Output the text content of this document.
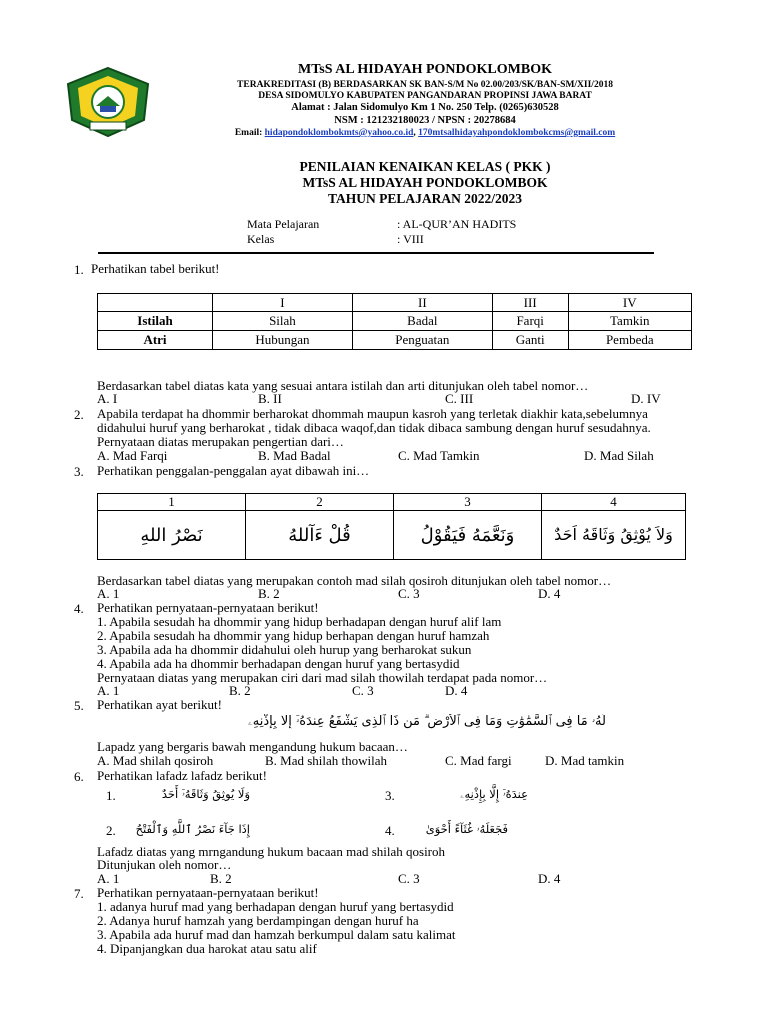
MTsS AL HIDAYAH PONDOKLOMBOK
TERAKREDITASI (B) BERDASARKAN SK BAN-S/M No 02.00/203/SK/BAN-SM/XII/2018
DESA SIDOMULYO KABUPATEN PANGANDARAN PROPINSI JAWA BARAT
Alamat : Jalan Sidomulyo Km 1 No. 250 Telp. (0265)630528
NSM : 121232180023 / NPSN : 20278684
Email: hidapondoklombokmts@yahoo.co.id, 170mtsalhidayahpondoklombokcms@gmail.com
PENILAIAN KENAIKAN KELAS ( PKK )
MTsS AL HIDAYAH PONDOKLOMBOK
TAHUN PELAJARAN 2022/2023
Mata Pelajaran	: AL-QUR’AN HADITS
Kelas	: VIII
1. Perhatikan tabel berikut!
	I	II	III	IV
Istilah	Silah	Badal	Farqi	Tamkin
Atri	Hubungan	Penguatan	Ganti	Pembeda
Berdasarkan tabel diatas kata yang sesuai antara istilah dan arti ditunjukan oleh tabel nomor…
A. I	B. II	C. III	D. IV
2. Apabila terdapat ha dhommir berharokat dhommah maupun kasroh yang terletak diakhir kata,sebelumnya
didahului huruf yang berharokat , tidak dibaca waqof,dan tidak dibaca sambung dengan huruf sesudahnya.
Pernyataan diatas merupakan pengertian dari…
A. Mad Farqi	B. Mad Badal	C. Mad Tamkin	D. Mad Silah
3. Perhatikan penggalan-penggalan ayat dibawah ini…
1	2	3	4
نَصْرُ اللهِ	قُلْ ءَآللهُ	وَنَعَّمَهُ فَيَقُوْلُ	وَلاَ يُوْثِقُ وَثَاقَهُ اَحَدٌ
Berdasarkan tabel diatas yang merupakan contoh mad silah qosiroh ditunjukan oleh tabel nomor…
A. 1	B. 2	C. 3	D. 4
4. Perhatikan pernyataan-pernyataan berikut!
1. Apabila sesudah ha dhommir yang hidup berhadapan dengan huruf alif lam
2. Apabila sesudah ha dhommir yang hidup berhapan dengan huruf hamzah
3. Apabila ada ha dhommir didahului oleh hurup yang berharokat sukun
4. Apabila ada ha dhommir berhadapan dengan huruf yang bertasydid
Pernyataan diatas yang merupakan ciri dari mad silah thowilah terdapat pada nomor…
A. 1	B. 2	C. 3	D. 4
5. Perhatikan ayat berikut!
لَهُۥ مَا فِى ٱلسَّمَٰوَٰتِ وَمَا فِى ٱلْأَرْضِ ۗ مَن ذَا ٱلَّذِى يَشْفَعُ عِندَهُۥٓ إِلَّا بِإِذْنِهِۦ
Lapadz yang bergaris bawah mengandung hukum bacaan…
A. Mad shilah qosiroh	B. Mad shilah thowilah	C. Mad fargi	D. Mad tamkin
6. Perhatikan lafadz lafadz berikut!
1.	وَلَا يُوثِقُ وَثَاقَهُۥٓ أَحَدٌ	3.	عِندَهُۥٓ إِلَّا بِإِذْنِهِۦ
2.	إِذَا جَآءَ نَصْرُ ٱللَّهِ وَٱلْفَتْحُ	4.	فَجَعَلَهُۥ غُثَآءً أَحْوَىٰ
Lafadz diatas yang mrngandung hukum bacaan mad shilah qosiroh
Ditunjukan oleh nomor…
A. 1	B. 2	C. 3	D. 4
7. Perhatikan pernyataan-pernyataan berikut!
1. adanya huruf mad yang berhadapan dengan huruf yang bertasydid
2. Adanya huruf hamzah yang berdampingan dengan huruf ha
3. Apabila ada huruf mad dan hamzah berkumpul dalam satu kalimat
4. Dipanjangkan dua harokat atau satu alif
